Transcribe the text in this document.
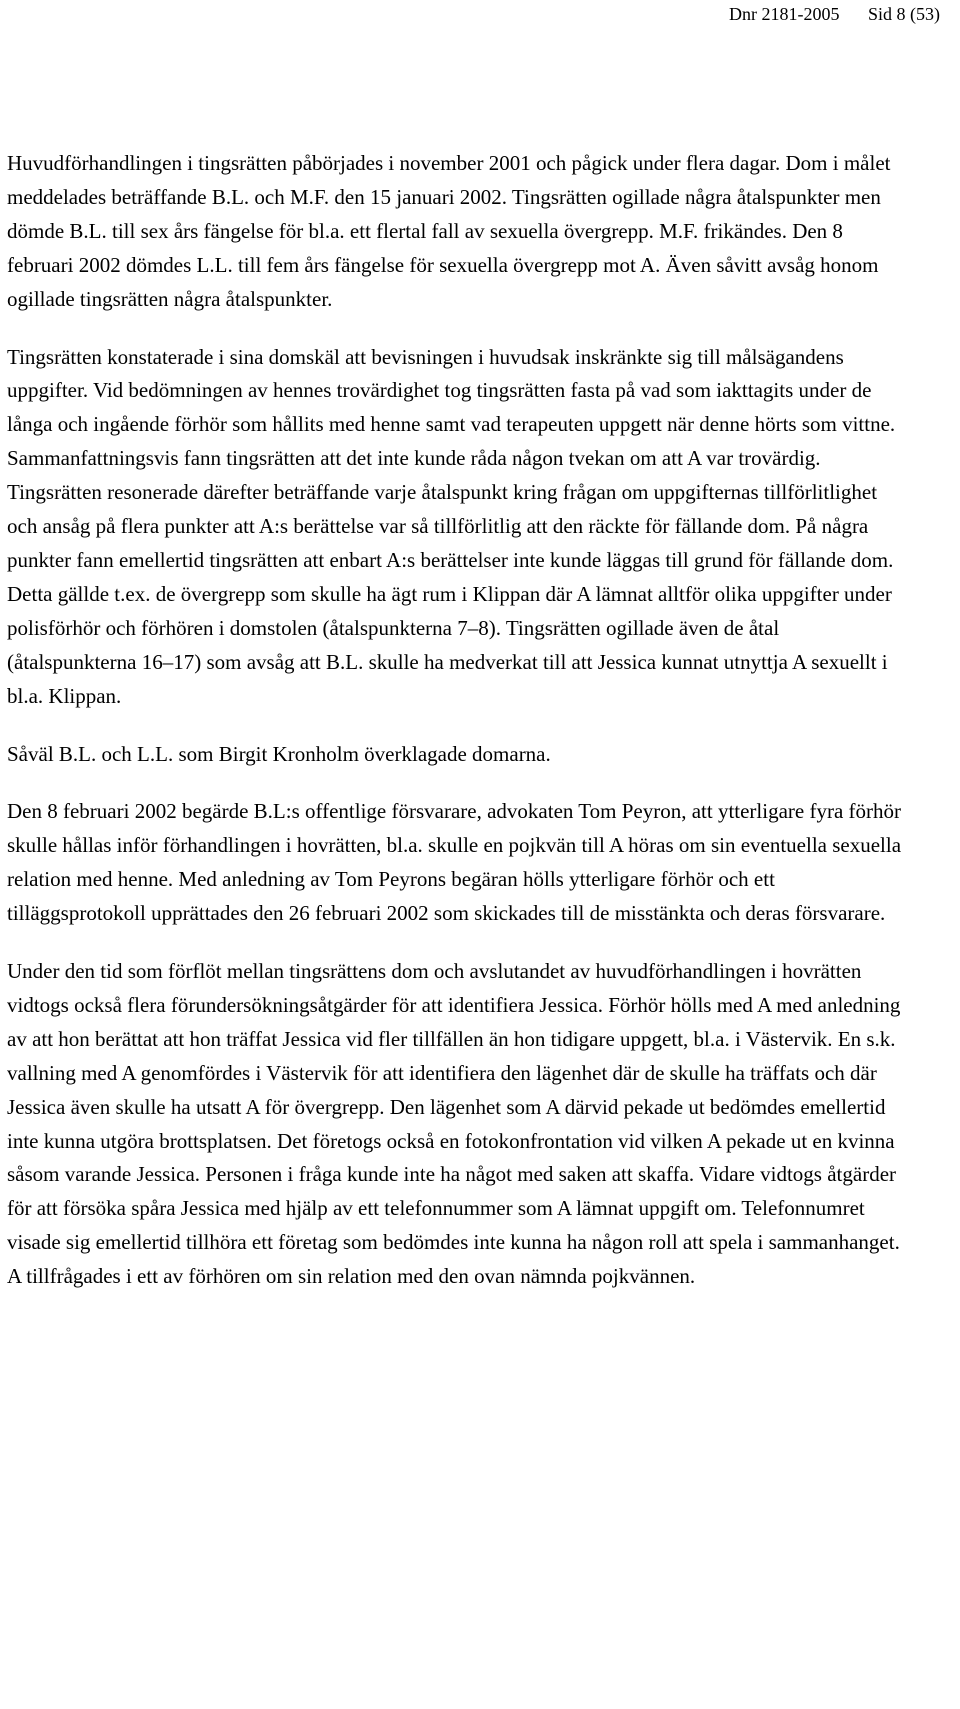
Dnr 2181-2005 Sid 8 (53)

Huvudförhandlingen i tingsrätten påbörjades i november 2001 och pågick under flera dagar. Dom i målet meddelades beträffande B.L. och M.F. den 15 januari 2002. Tingsrätten ogillade några åtalspunkter men dömde B.L. till sex års fängelse för bl.a. ett flertal fall av sexuella övergrepp. M.F. frikändes. Den 8 februari 2002 dömdes L.L. till fem års fängelse för sexuella övergrepp mot A. Även såvitt avsåg honom ogillade tingsrätten några åtalspunkter.

Tingsrätten konstaterade i sina domskäl att bevisningen i huvudsak inskränkte sig till målsägandens uppgifter. Vid bedömningen av hennes trovärdighet tog tingsrätten fasta på vad som iakttagits under de långa och ingående förhör som hållits med henne samt vad terapeuten uppgett när denne hörts som vittne. Sammanfattningsvis fann tingsrätten att det inte kunde råda någon tvekan om att A var trovärdig. Tingsrätten resonerade därefter beträffande varje åtalspunkt kring frågan om uppgifternas tillförlitlighet och ansåg på flera punkter att A:s berättelse var så tillförlitlig att den räckte för fällande dom. På några punkter fann emellertid tingsrätten att enbart A:s berättelser inte kunde läggas till grund för fällande dom. Detta gällde t.ex. de övergrepp som skulle ha ägt rum i Klippan där A lämnat alltför olika uppgifter under polisförhör och förhören i domstolen (åtalspunkterna 7–8). Tingsrätten ogillade även de åtal (åtalspunkterna 16–17) som avsåg att B.L. skulle ha medverkat till att Jessica kunnat utnyttja A sexuellt i bl.a. Klippan.

Såväl B.L. och L.L. som Birgit Kronholm överklagade domarna.

Den 8 februari 2002 begärde B.L:s offentlige försvarare, advokaten Tom Peyron, att ytterligare fyra förhör skulle hållas inför förhandlingen i hovrätten, bl.a. skulle en pojkvän till A höras om sin eventuella sexuella relation med henne. Med anledning av Tom Peyrons begäran hölls ytterligare förhör och ett tilläggsprotokoll upprättades den 26 februari 2002 som skickades till de misstänkta och deras försvarare.

Under den tid som förflöt mellan tingsrättens dom och avslutandet av huvudförhandlingen i hovrätten vidtogs också flera förundersökningsåtgärder för att identifiera Jessica. Förhör hölls med A med anledning av att hon berättat att hon träffat Jessica vid fler tillfällen än hon tidigare uppgett, bl.a. i Västervik. En s.k. vallning med A genomfördes i Västervik för att identifiera den lägenhet där de skulle ha träffats och där Jessica även skulle ha utsatt A för övergrepp. Den lägenhet som A därvid pekade ut bedömdes emellertid inte kunna utgöra brottsplatsen. Det företogs också en fotokonfrontation vid vilken A pekade ut en kvinna såsom varande Jessica. Personen i fråga kunde inte ha något med saken att skaffa. Vidare vidtogs åtgärder för att försöka spåra Jessica med hjälp av ett telefonnummer som A lämnat uppgift om. Telefonnumret visade sig emellertid tillhöra ett företag som bedömdes inte kunna ha någon roll att spela i sammanhanget. A tillfrågades i ett av förhören om sin relation med den ovan nämnda pojkvännen.
